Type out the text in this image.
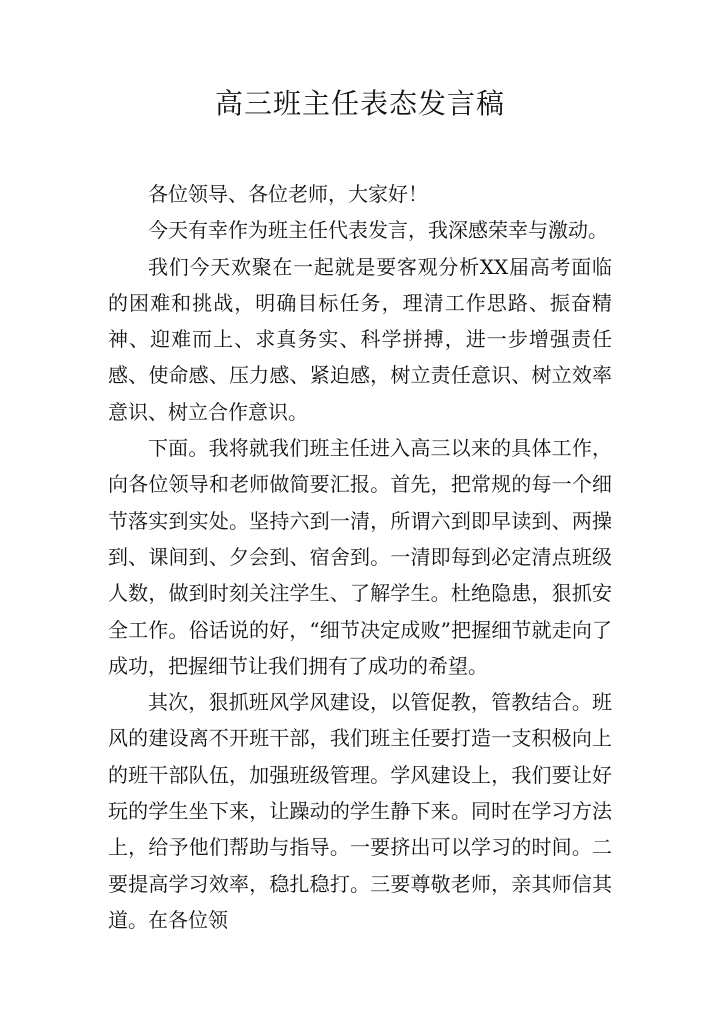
高三班主任表态发言稿

各位领导、各位老师，大家好！

今天有幸作为班主任代表发言，我深感荣幸与激动。

我们今天欢聚在一起就是要客观分析XX届高考面临的困难和挑战，明确目标任务，理清工作思路、振奋精神、迎难而上、求真务实、科学拼搏，进一步增强责任感、使命感、压力感、紧迫感，树立责任意识、树立效率意识、树立合作意识。

下面。我将就我们班主任进入高三以来的具体工作，向各位领导和老师做简要汇报。首先，把常规的每一个细节落实到实处。坚持六到一清，所谓六到即早读到、两操到、课间到、夕会到、宿舍到。一清即每到必定清点班级人数，做到时刻关注学生、了解学生。杜绝隐患，狠抓安全工作。俗话说的好，“细节决定成败”把握细节就走向了成功，把握细节让我们拥有了成功的希望。

其次，狠抓班风学风建设，以管促教，管教结合。班风的建设离不开班干部，我们班主任要打造一支积极向上的班干部队伍，加强班级管理。学风建设上，我们要让好玩的学生坐下来，让躁动的学生静下来。同时在学习方法上，给予他们帮助与指导。一要挤出可以学习的时间。二要提高学习效率，稳扎稳打。三要尊敬老师，亲其师信其道。在各位领
